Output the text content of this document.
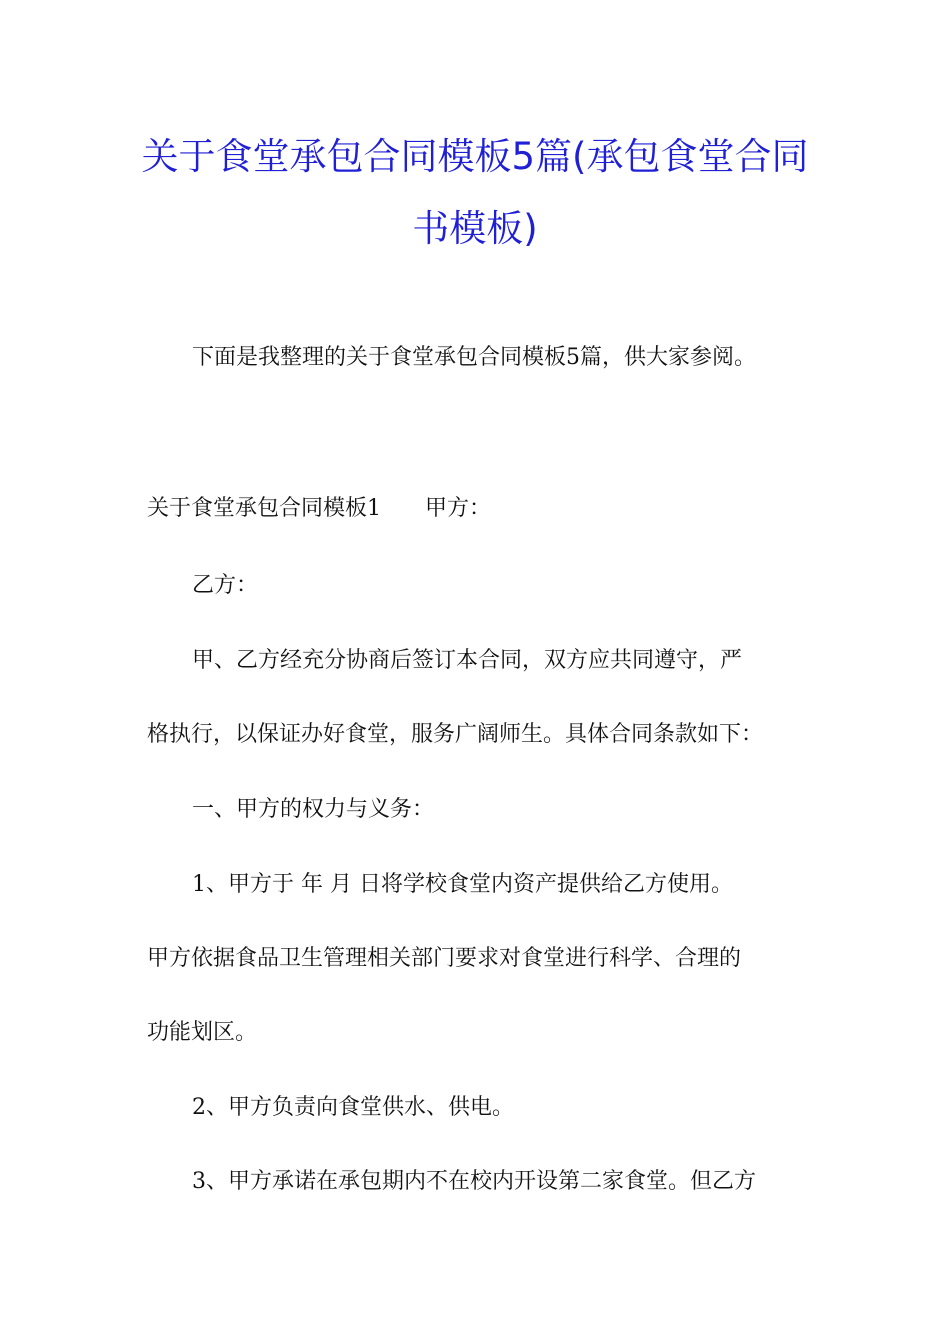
关于食堂承包合同模板5篇(承包食堂合同
书模板)

下面是我整理的关于食堂承包合同模板5篇，供大家参阅。

关于食堂承包合同模板1 甲方：

乙方：

甲、乙方经充分协商后签订本合同，双方应共同遵守，严

格执行，以保证办好食堂，服务广阔师生。具体合同条款如下：

一、甲方的权力与义务：

1、甲方于 年 月 日将学校食堂内资产提供给乙方使用。

甲方依据食品卫生管理相关部门要求对食堂进行科学、合理的

功能划区。

2、甲方负责向食堂供水、供电。

3、甲方承诺在承包期内不在校内开设第二家食堂。但乙方
